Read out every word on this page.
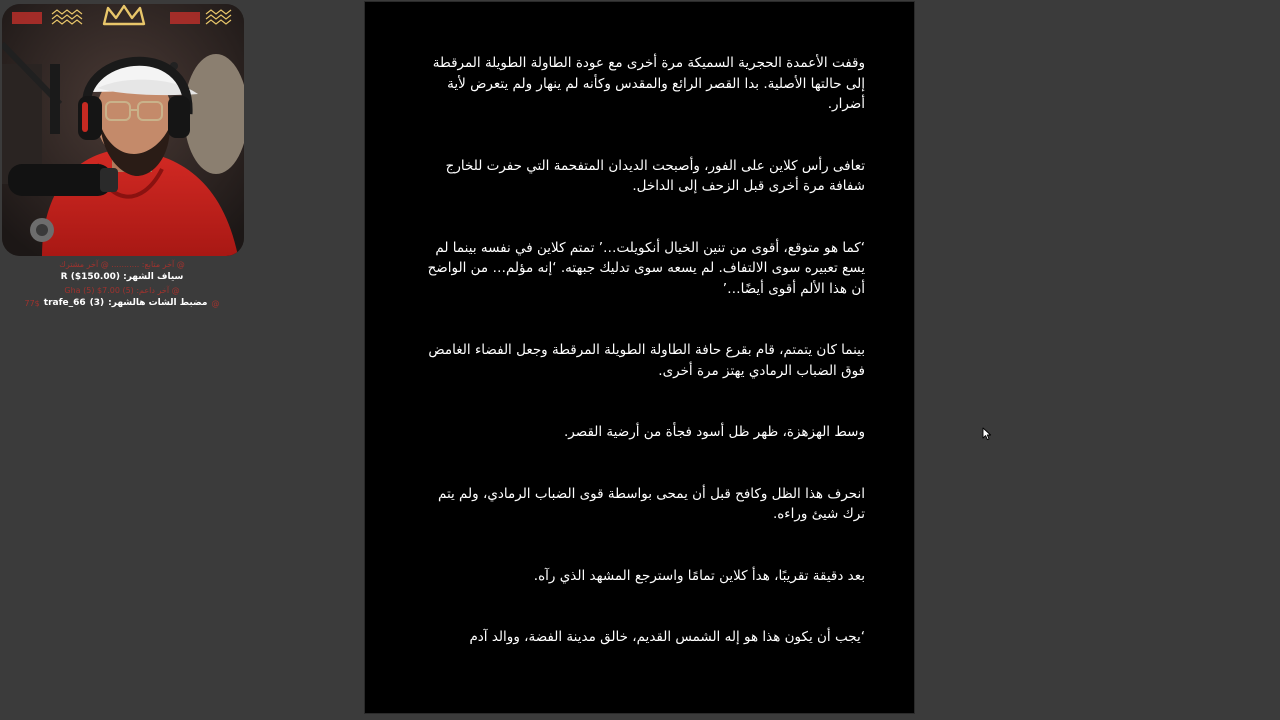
@ آخر متابع: ........... @ آخر مشترك
سياف الشهر: (150.00$) R
@ آخر داعم: (5) 7.00$ (5) Gha
@
مضبط الشات هالشهر:
(3)
trafe_66
77$

وقفت الأعمدة الحجرية السميكة مرة أخرى مع عودة الطاولة الطويلة المرقطة إلى حالتها الأصلية. بدا القصر الرائع والمقدس وكأنه لم ينهار ولم يتعرض لأية أضرار.

تعافى رأس كلاين على الفور، وأصبحت الديدان المتفحمة التي حفرت للخارج شفافة مرة أخرى قبل الزحف إلى الداخل.

‘كما هو متوقع، أقوى من تنين الخيال أنكويلت…’ تمتم كلاين في نفسه بينما لم يسع تعبيره سوى الالتفاف. لم يسعه سوى تدليك جبهته. ‘إنه مؤلم… من الواضح أن هذا الألم أقوى أيضًا…’

بينما كان يتمتم، قام بقرع حافة الطاولة الطويلة المرقطة وجعل الفضاء الغامض فوق الضباب الرمادي يهتز مرة أخرى.

وسط الهزهزة، ظهر ظل أسود فجأة من أرضية القصر.

انحرف هذا الظل وكافح قبل أن يمحى بواسطة قوى الضباب الرمادي، ولم يتم ترك شيئ وراءه.

بعد دقيقة تقريبًا، هدأ كلاين تمامًا واسترجع المشهد الذي رآه.

‘يجب أن يكون هذا هو إله الشمس القديم، خالق مدينة الفضة، ووالد آدم
